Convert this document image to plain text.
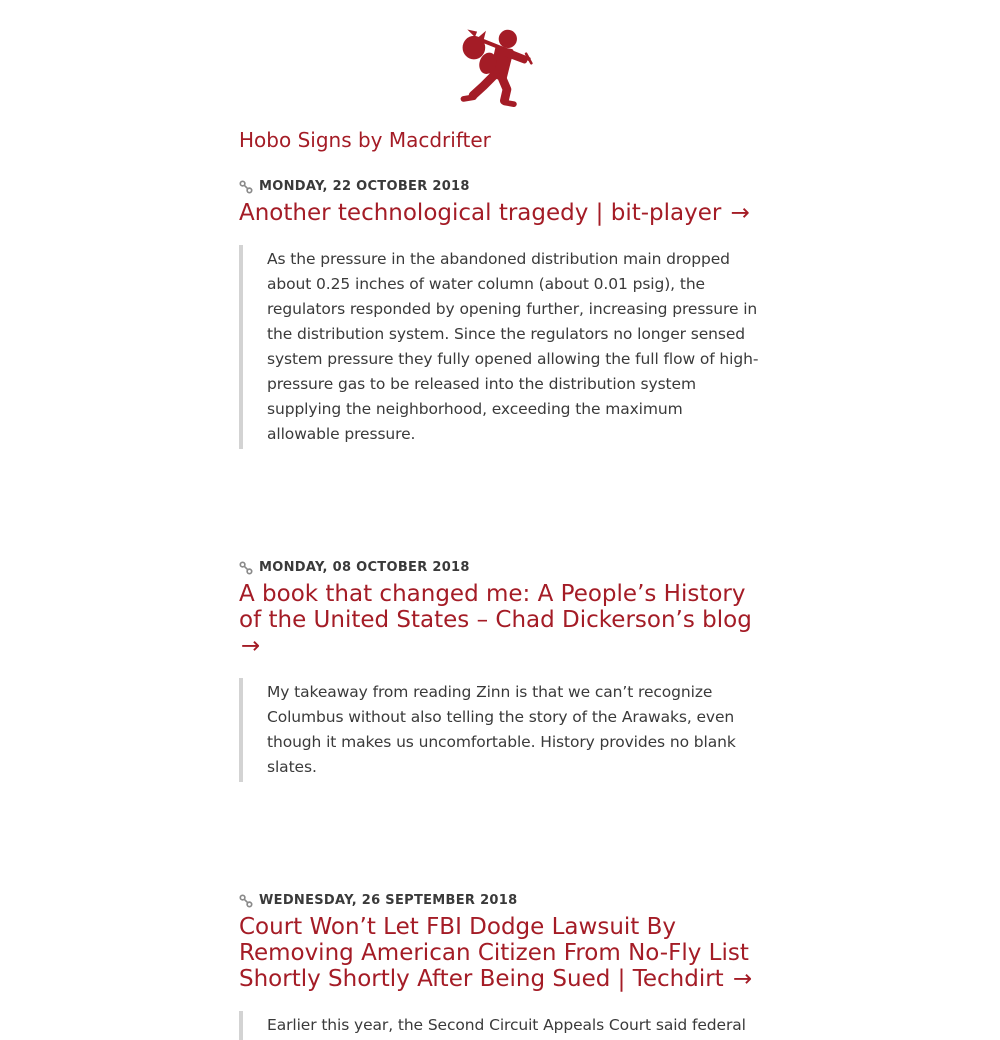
Hobo Signs by Macdrifter
MONDAY, 22 OCTOBER 2018
Another technological tragedy | bit-player →
As the pressure in the abandoned distribution main dropped about 0.25 inches of water column (about 0.01 psig), the regulators responded by opening further, increasing pressure in the distribution system. Since the regulators no longer sensed system pressure they fully opened allowing the full flow of high-pressure gas to be released into the distribution system supplying the neighborhood, exceeding the maximum allowable pressure.
MONDAY, 08 OCTOBER 2018
A book that changed me: A People’s History of the United States – Chad Dickerson’s blog →
My takeaway from reading Zinn is that we can’t recognize Columbus without also telling the story of the Arawaks, even though it makes us uncomfortable. History provides no blank slates.
WEDNESDAY, 26 SEPTEMBER 2018
Court Won’t Let FBI Dodge Lawsuit By Removing American Citizen From No-Fly List Shortly Shortly After Being Sued | Techdirt →
Earlier this year, the Second Circuit Appeals Court said federal
